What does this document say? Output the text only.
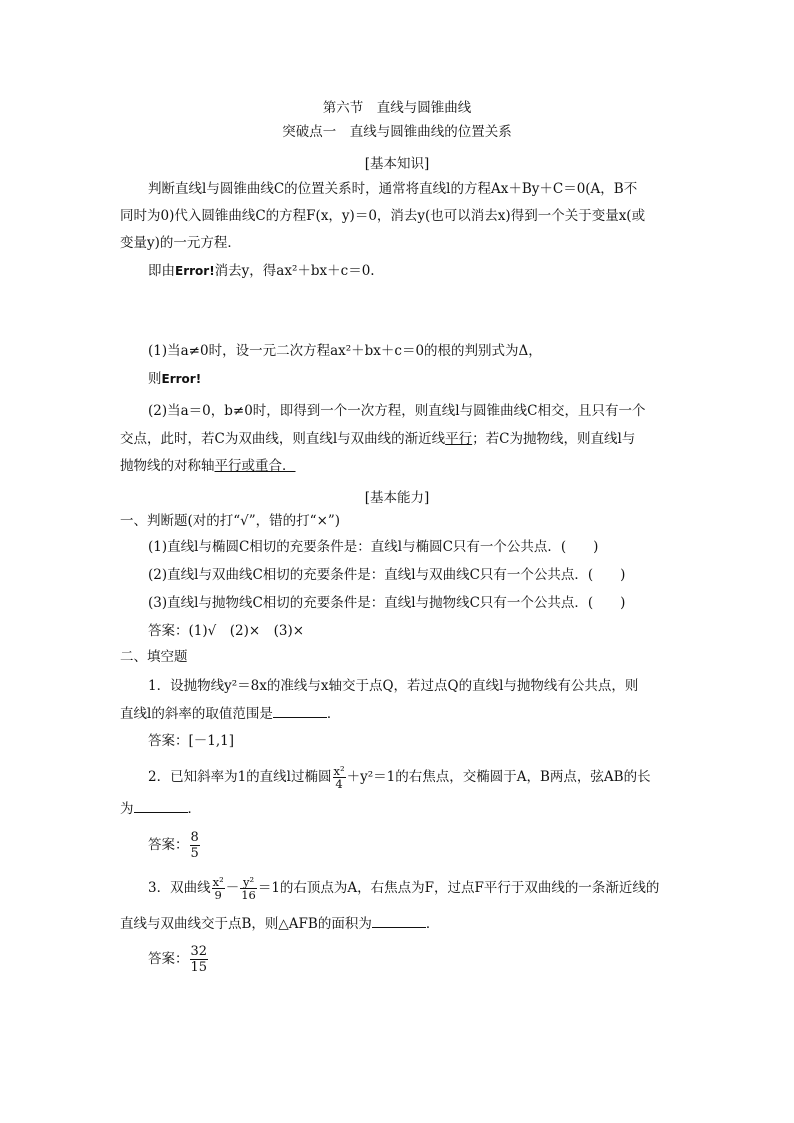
第六节　直线与圆锥曲线
突破点一　直线与圆锥曲线的位置关系
[基本知识]
判断直线l与圆锥曲线C的位置关系时，通常将直线l的方程Ax＋By＋C＝0(A，B不
同时为0)代入圆锥曲线C的方程F(x，y)＝0，消去y(也可以消去x)得到一个关于变量x(或
变量y)的一元方程．
即由Error!消去y，得ax²＋bx＋c＝0.
(1)当a≠0时，设一元二次方程ax²＋bx＋c＝0的根的判别式为Δ，
则Error!
(2)当a＝0，b≠0时，即得到一个一次方程，则直线l与圆锥曲线C相交，且只有一个
交点，此时，若C为双曲线，则直线l与双曲线的渐近线平行；若C为抛物线，则直线l与
抛物线的对称轴平行或重合．
[基本能力]
一、判断题(对的打“√”，错的打“×”)
(1)直线l与椭圆C相切的充要条件是：直线l与椭圆C只有一个公共点．(　　)
(2)直线l与双曲线C相切的充要条件是：直线l与双曲线C只有一个公共点．(　　)
(3)直线l与抛物线C相切的充要条件是：直线l与抛物线C只有一个公共点．(　　)
答案：(1)√　(2)×　(3)×
二、填空题
1．设抛物线y²＝8x的准线与x轴交于点Q，若过点Q的直线l与抛物线有公共点，则
直线l的斜率的取值范围是	．
答案：[－1,1]
2．已知斜率为1的直线l过椭圆 $\frac{\text{x²}}{4} +y^2=1$的右焦点，交椭圆于A，B两点，弦AB的长
为	．
答案： $\frac{8}{5}$
3．双曲线 $\frac{\text{x²}}{9} - \frac{\text{y²}}{16} =1$的右顶点为A，右焦点为F，过点F平行于双曲线的一条渐近线的
直线与双曲线交于点B，则△AFB的面积为	．
答案： $\frac{32}{15}$
